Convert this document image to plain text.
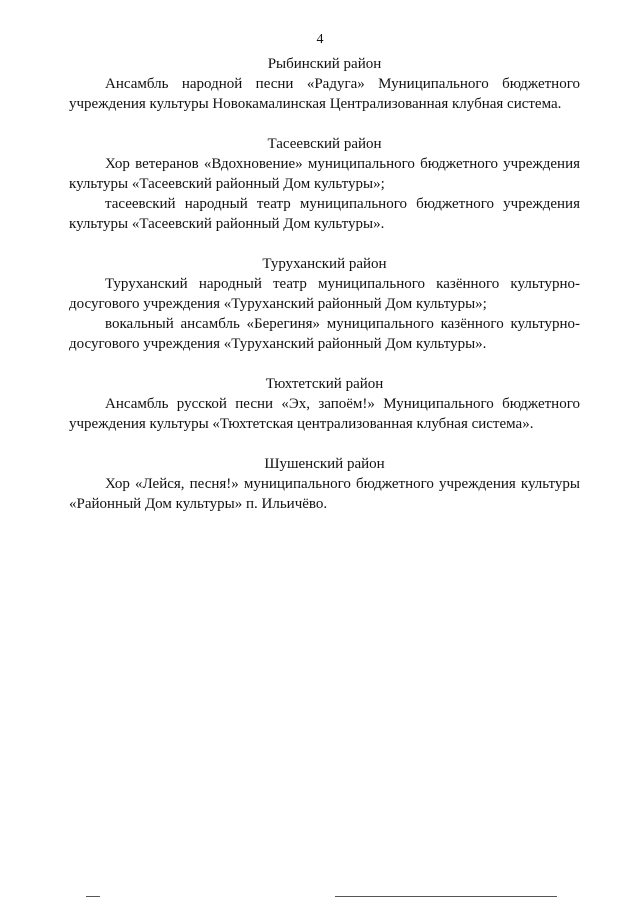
4

Рыбинский район

Ансамбль народной песни «Радуга» Муниципального бюджетного учреждения культуры Новокамалинская Централизованная клубная система.

Тасеевский район

Хор ветеранов «Вдохновение» муниципального бюджетного учреждения культуры «Тасеевский районный Дом культуры»;

тасеевский народный театр муниципального бюджетного учреждения культуры «Тасеевский районный Дом культуры».

Туруханский район

Туруханский народный театр муниципального казённого культурно-досугового учреждения «Туруханский районный Дом культуры»;

вокальный ансамбль «Берегиня» муниципального казённого культурно-досугового учреждения «Туруханский районный Дом культуры».

Тюхтетский район

Ансамбль русской песни «Эх, запоём!» Муниципального бюджетного учреждения культуры «Тюхтетская централизованная клубная система».

Шушенский район

Хор «Лейся, песня!» муниципального бюджетного учреждения культуры «Районный Дом культуры» п. Ильичёво.
